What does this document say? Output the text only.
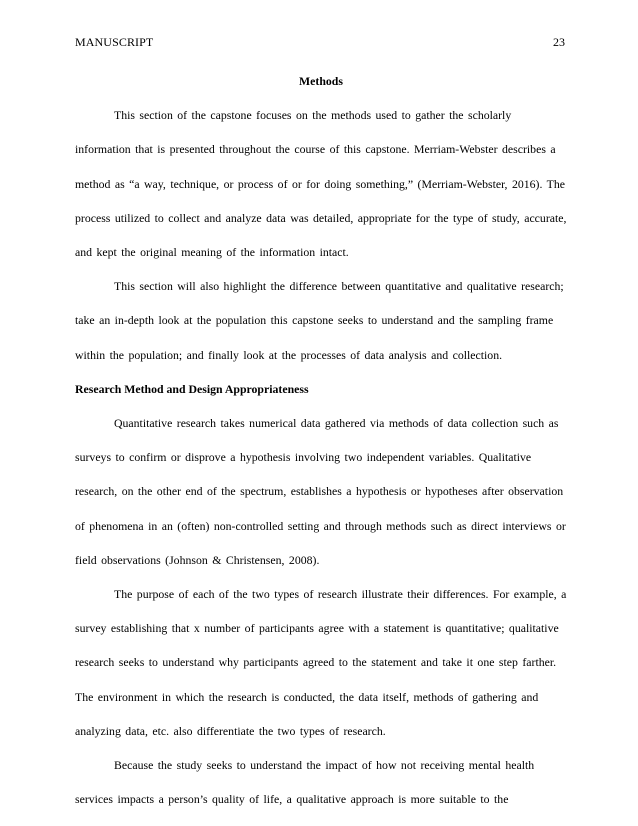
MANUSCRIPT	23

Methods

This section of the capstone focuses on the methods used to gather the scholarly information that is presented throughout the course of this capstone. Merriam-Webster describes a method as “a way, technique, or process of or for doing something,” (Merriam-Webster, 2016). The process utilized to collect and analyze data was detailed, appropriate for the type of study, accurate, and kept the original meaning of the information intact.

This section will also highlight the difference between quantitative and qualitative research; take an in-depth look at the population this capstone seeks to understand and the sampling frame within the population; and finally look at the processes of data analysis and collection.

Research Method and Design Appropriateness

Quantitative research takes numerical data gathered via methods of data collection such as surveys to confirm or disprove a hypothesis involving two independent variables. Qualitative research, on the other end of the spectrum, establishes a hypothesis or hypotheses after observation of phenomena in an (often) non-controlled setting and through methods such as direct interviews or field observations (Johnson & Christensen, 2008).

The purpose of each of the two types of research illustrate their differences. For example, a survey establishing that x number of participants agree with a statement is quantitative; qualitative research seeks to understand why participants agreed to the statement and take it one step farther. The environment in which the research is conducted, the data itself, methods of gathering and analyzing data, etc. also differentiate the two types of research.

Because the study seeks to understand the impact of how not receiving mental health services impacts a person’s quality of life, a qualitative approach is more suitable to the
